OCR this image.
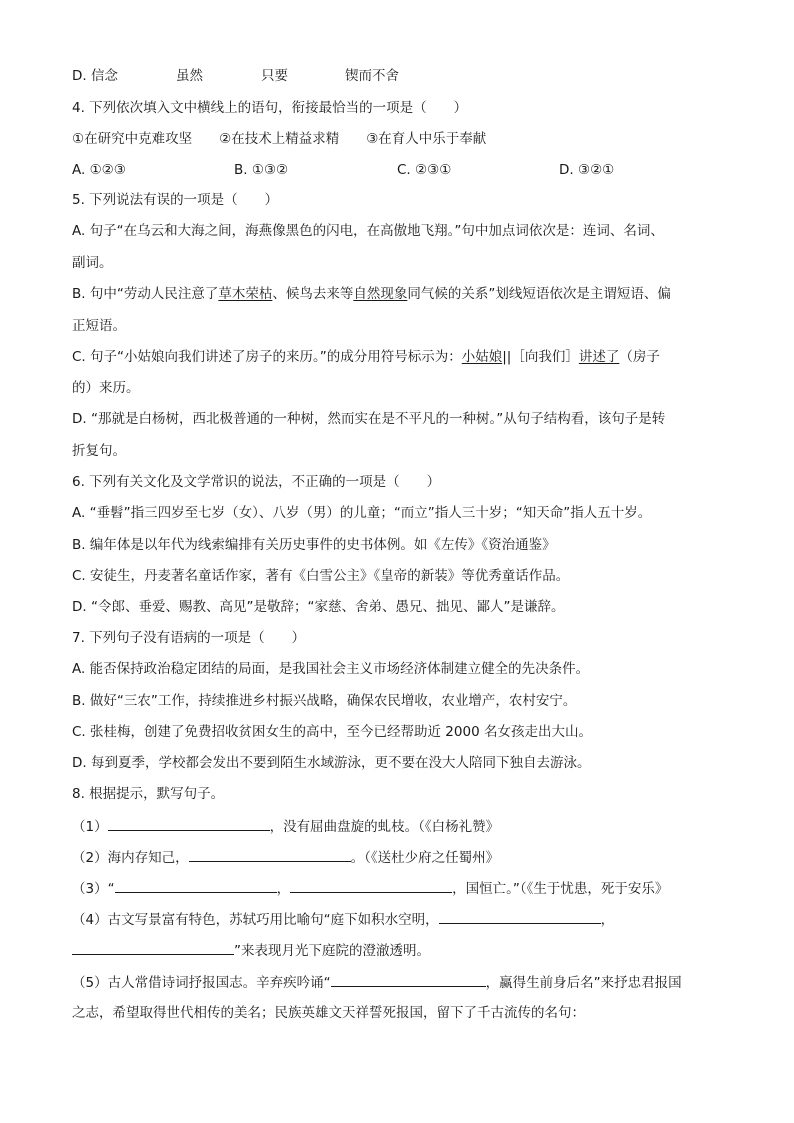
D. 信念	虽然	只要	锲而不舍
4. 下列依次填入文中横线上的语句，衔接最恰当的一项是（　　）
①在研究中克难攻坚　　②在技术上精益求精　　③在育人中乐于奉献
A. ①②③	B. ①③②	C. ②③①	D. ③②①
5. 下列说法有误的一项是（　　）
A. 句子“在乌云和大海之间，海燕像黑色的闪电，在高傲地飞翔。”句中加点词依次是：连词、名词、
副词。
B. 句中“劳动人民注意了草木荣枯、候鸟去来等自然现象同气候的关系”划线短语依次是主谓短语、偏
正短语。
C. 句子“小姑娘向我们讲述了房子的来历。”的成分用符号标示为：小姑娘||［向我们］讲述了（房子
的）来历。
D. “那就是白杨树，西北极普通的一种树，然而实在是不平凡的一种树。”从句子结构看，该句子是转
折复句。
6. 下列有关文化及文学常识的说法，不正确的一项是（　　）
A. “垂髫”指三四岁至七岁（女）、八岁（男）的儿童；“而立”指人三十岁；“知天命”指人五十岁。
B. 编年体是以年代为线索编排有关历史事件的史书体例。如《左传》《资治通鉴》
C. 安徒生，丹麦著名童话作家，著有《白雪公主》《皇帝的新装》等优秀童话作品。
D. “令郎、垂爱、赐教、高见”是敬辞；“家慈、舍弟、愚兄、拙见、鄙人”是谦辞。
7. 下列句子没有语病的一项是（　　）
A. 能否保持政治稳定团结的局面，是我国社会主义市场经济体制建立健全的先决条件。
B. 做好“三农”工作，持续推进乡村振兴战略，确保农民增收，农业增产，农村安宁。
C. 张桂梅，创建了免费招收贫困女生的高中，至今已经帮助近 2000 名女孩走出大山。
D. 每到夏季，学校都会发出不要到陌生水域游泳，更不要在没大人陪同下独自去游泳。
8. 根据提示，默写句子。
（1）	，没有屈曲盘旋的虬枝。（《白杨礼赞》
（2）海内存知己，	。（《送杜少府之任蜀州》
（3）“	，	，国恒亡。”（《生于忧患，死于安乐》
（4）古文写景富有特色，苏轼巧用比喻句“庭下如积水空明，	，
”来表现月光下庭院的澄澈透明。
（5）古人常借诗词抒报国志。辛弃疾吟诵“	，赢得生前身后名”来抒忠君报国
之志，希望取得世代相传的美名；民族英雄文天祥誓死报国，留下了千古流传的名句：
